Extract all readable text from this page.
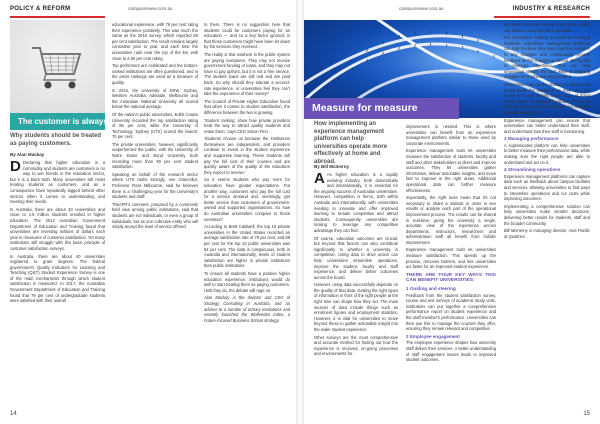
POLICY & REFORM	campusreview.com.au
The customer is always right
Why students should be treated as paying customers.
By Alan Mackay

D Declaring that higher education is a commodity and students are customers is no way to win friends in the education sector, but it is a blunt truth. Many universities still resist treating students as customers, and as a consequence have repeatedly lagged behind other sectors when it comes to understanding and meeting their needs.

In Australia, there are about 40 universities and close to 1.5 million students enrolled in higher education. The 2013 Australian Government Department of Education and Training found that universities are investing millions of dollars each year in measures of customer satisfaction. Yet many institutions still struggle with this basic principle of customer satisfaction surveys.

In Australia, there are about 40 universities registered to grant degrees. The federal government's Quality Indicators for Learning and Teaching (QILT) Student Experience Survey is one of the main mechanisms through which student satisfaction is measured. In 2017, the Australian Government Department of Education and Training found that 79 per cent of undergraduate students were satisfied with their overall

educational experience, with 79 per cent rating their experience positively. This was much the same as the 2016 survey, which reported 80 per cent satisfaction. The result remains largely consistent year to year, and each time the universities rank near the top of the list, with close to a 90 per cent rating.

Top performers are celebrated and the bottom-ranked institutions are often questioned, and in the press rankings are used as a measure of quality.

In 2016, the University of NSW, Sydney, Western Australia, Adelaide, Melbourne and the Australian National University all scored below the national average.

Of the nation's public universities, Edith Cowan University recorded the top satisfaction rating of 86 per cent, while the University of Technology, Sydney (UTS) scored the lowest: 70 per cent.

The private universities, however, significantly outperformed the public, with the University of Notre Dame and Bond University both recording more than 90 per cent student satisfaction.

Speaking on behalf of the research sector where UTS ranks strongly, one chancellor, Professor Ross Milbourne, said he believes there is a 'challenging year for the University's students and staff'.

TheAFR's comment, prepared by a commonly held view among public institutions, said that students are not individuals, or even a group of individuals, but as one collective entity who will simply accept the level of service offered

to them. There is no suggestion here that students could be customers paying for an education — and so a key factor ignored, is that those customers might have been let down by the services they received.

The reality is that nowhere in the public system are paying customers. They may not receive government funding or loans, and they may not have to pay upfront, but it is not a free service. The student loans are still real and are paid back. So why should they tolerate a second-rate experience, or universities feel they can't take the experience of their money?

The Council of Private Higher Education found that when it comes to student satisfaction, the difference between the two is growing.

'Student ranking: show how private providers treat the way to attract quality students and retain them,' says CEO Simon Finn.

'Students choose us because the institutions themselves are independent, and providers continue to invest in the student experience and supportive learning. These students will pay the full cost of their courses and are quickly aware of the quality of the education they expect to receive.'

So it seems students who pay more for education have greater expectations. Put another way, customers who pay the full cost for a service demand and, seemingly, get better service than customers of government-owned and supported organisations. So how do Australian universities compare to those overseas?

According to Brett Caldwell, the top 10 private universities in the United States recorded an average satisfaction rate of 79 per cent, and 89 per cent for the top 10 public universities was 82 per cent. The data is conspicuous, both in Australia and internationally, levels of student satisfaction are higher in private institutions than public institutions.

To ensure all students have a positive higher education experience, institutions would do well to start treating them as paying customers. Until they do, the debate will rage on.

Alan Mackay is the director and CEO of Strategy Consulting in Australia, and an advisor to a number of tertiary institutions and recently launched the Wolfenden Index, a Future-focused Business School strategy.

14
campusreview.com.au	INDUSTRY & RESEARCH
Measure for measure
How implementing an experience management platform can help universities operate more effectively at home and abroad.
By Bill McInerny

A As higher education is a rapidly evolving industry, both domestically and internationally, it is essential for the ongoing success of Australian universities. However, competition is fierce, both within Australia and internationally, with universities needing to innovate and offer improved learning to remain competitive and attract students. Consequently, universities are looking to leverage any competitive advantage they can find.

Of course, education outcomes are crucial, but beyond that factors can also contribute significantly to whether a university is competitive. Using data to drive action can help universities streamline operations, improve the student, faculty and staff experience, and deliver better outcomes across the board.

However, using data successfully depends on the quality of that data. Getting the right types of information in front of the right people at the right time can shape how they act. The main sources of data include things such as enrolment figures and employment statistics. However, it is vital for universities to move beyond these to gather actionable insight into the wider student experience.

Other surveys are the most comprehensive and accurate method for finding out how the experience is received, on-going processes and environments for

improvement is needed. This is where universities can benefit from an experience management platform similar to those used by corporate environments.

Experience management tools let universities measure the satisfaction of students, faculty and staff and other stakeholders to direct and improve outcomes. They let universities gather information, deliver actionable insights, and move fast to improve in the right areas. Additional operational data can further measure effectiveness.

Importantly, the right tools mean that it's not necessary to share a statistic in order to see results or analyse each part of the operational improvement process. The results can be shared in real-time, giving the university a single, accurate view of the experience across departments. Instructors, researchers and administration staff all benefit from holistic improvement.

Experience management tools let universities measure satisfaction. This speeds up the process, removes barriers, and lets universities act faster for an improved student experience.

THERE ARE FOUR KEY WAYS THIS CAN BENEFIT UNIVERSITIES:
1 Guiding and steering

Feedback from the student satisfaction survey, course and unit surveys of academic study units, institutions can put together a comprehensive performance report on student experience and the staff member's performance. Universities can then use this to manage the courses they offer, ensuring they remain relevant and competitive.

2 Employee engagement

The employee experience shapes how university staff deliver their services. A better understanding of staff engagement issues leads to improved student outcomes.

and lead to a better student experience, which can make a university more desirable.

For universities looking to transform teaching methods, experience management platforms can help because they help track the reactions to any changes and continuously provide feedback as the changes go ahead. Being able to measure objectives. This can help universities identify the best ways of adopting changes for a cohesive improvement.

Universities can use the platform to deploy and demonstrate the feedback so they can take action on it and identify better ways of doing things based on people's feedback. This is an effective way to ensure students have the best possible experience.

Experience management can ensure that universities can better understand their staff, and understand how their staff is functioning.

3 Managing performance

A sophisticated platform can help universities to better measure their performance data, while making sure the right people are able to understand and act on it.

4 Streamlining operations

Experience management platforms can capture data such as feedback about campus facilities and services, allowing universities to find ways to streamline operations and cut costs while improving outcomes.

Implementing a comprehensive solution can help universities make smarter decisions, delivering better results for students, staff and the broader community.

Bill McInerny is managing director, Asia Pacific at Qualtrics.

15
